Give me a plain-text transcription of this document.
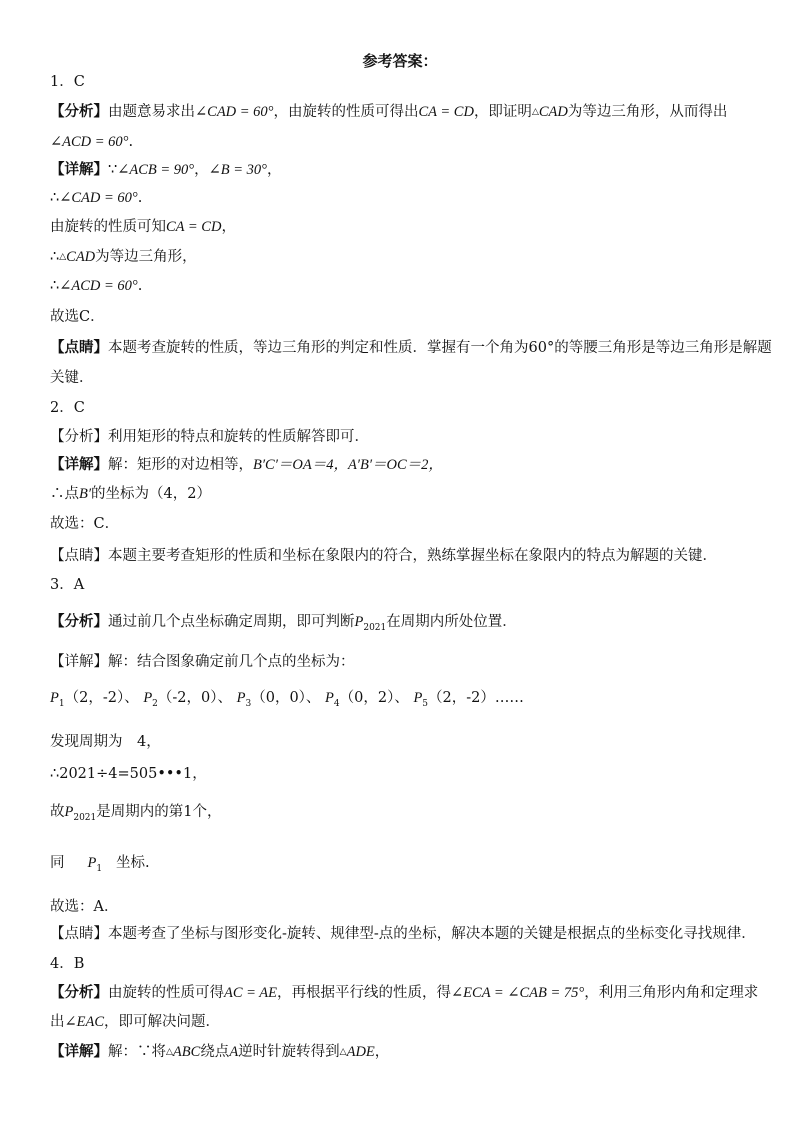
参考答案：
1．C
【分析】由题意易求出∠CAD = 60°，由旋转的性质可得出CA = CD，即证明△CAD为等边三角形，从而得出
∠ACD = 60°.
【详解】∵∠ACB = 90°，∠B = 30°，
∴∠CAD = 60°.
由旋转的性质可知CA = CD，
∴△CAD为等边三角形，
∴∠ACD = 60°.
故选C．
【点睛】本题考查旋转的性质，等边三角形的判定和性质．掌握有一个角为60°的等腰三角形是等边三角形是解题
关键．
2．C
【分析】利用矩形的特点和旋转的性质解答即可．
【详解】解：矩形的对边相等，B′C′＝OA＝4，A′B′＝OC＝2，
∴点B′的坐标为（4，2）
故选：C．
【点睛】本题主要考查矩形的性质和坐标在象限内的符合，熟练掌握坐标在象限内的特点为解题的关键．
3．A
【分析】通过前几个点坐标确定周期，即可判断$P_{2021}$在周期内所处位置．
【详解】解：结合图象确定前几个点的坐标为：
$P_1(2$，-2）、 $P_2(-2$，0）、 $P_3(0$，0）、 $P_4(0$，2）、 $P_5(2$，-2）……
发现周期为　4，
∴2021÷4=505•••1，
故$P_{2021}$是周期内的第1个，
同 $P_1$ 坐标.
故选：A．
【点睛】本题考查了坐标与图形变化-旋转、规律型-点的坐标，解决本题的关键是根据点的坐标变化寻找规律．
4．B
【分析】由旋转的性质可得AC = AE，再根据平行线的性质，得∠ECA = ∠CAB = 75°，利用三角形内角和定理求
出∠EAC，即可解决问题．
【详解】解：∵将△ABC绕点A逆时针旋转得到△ADE，
